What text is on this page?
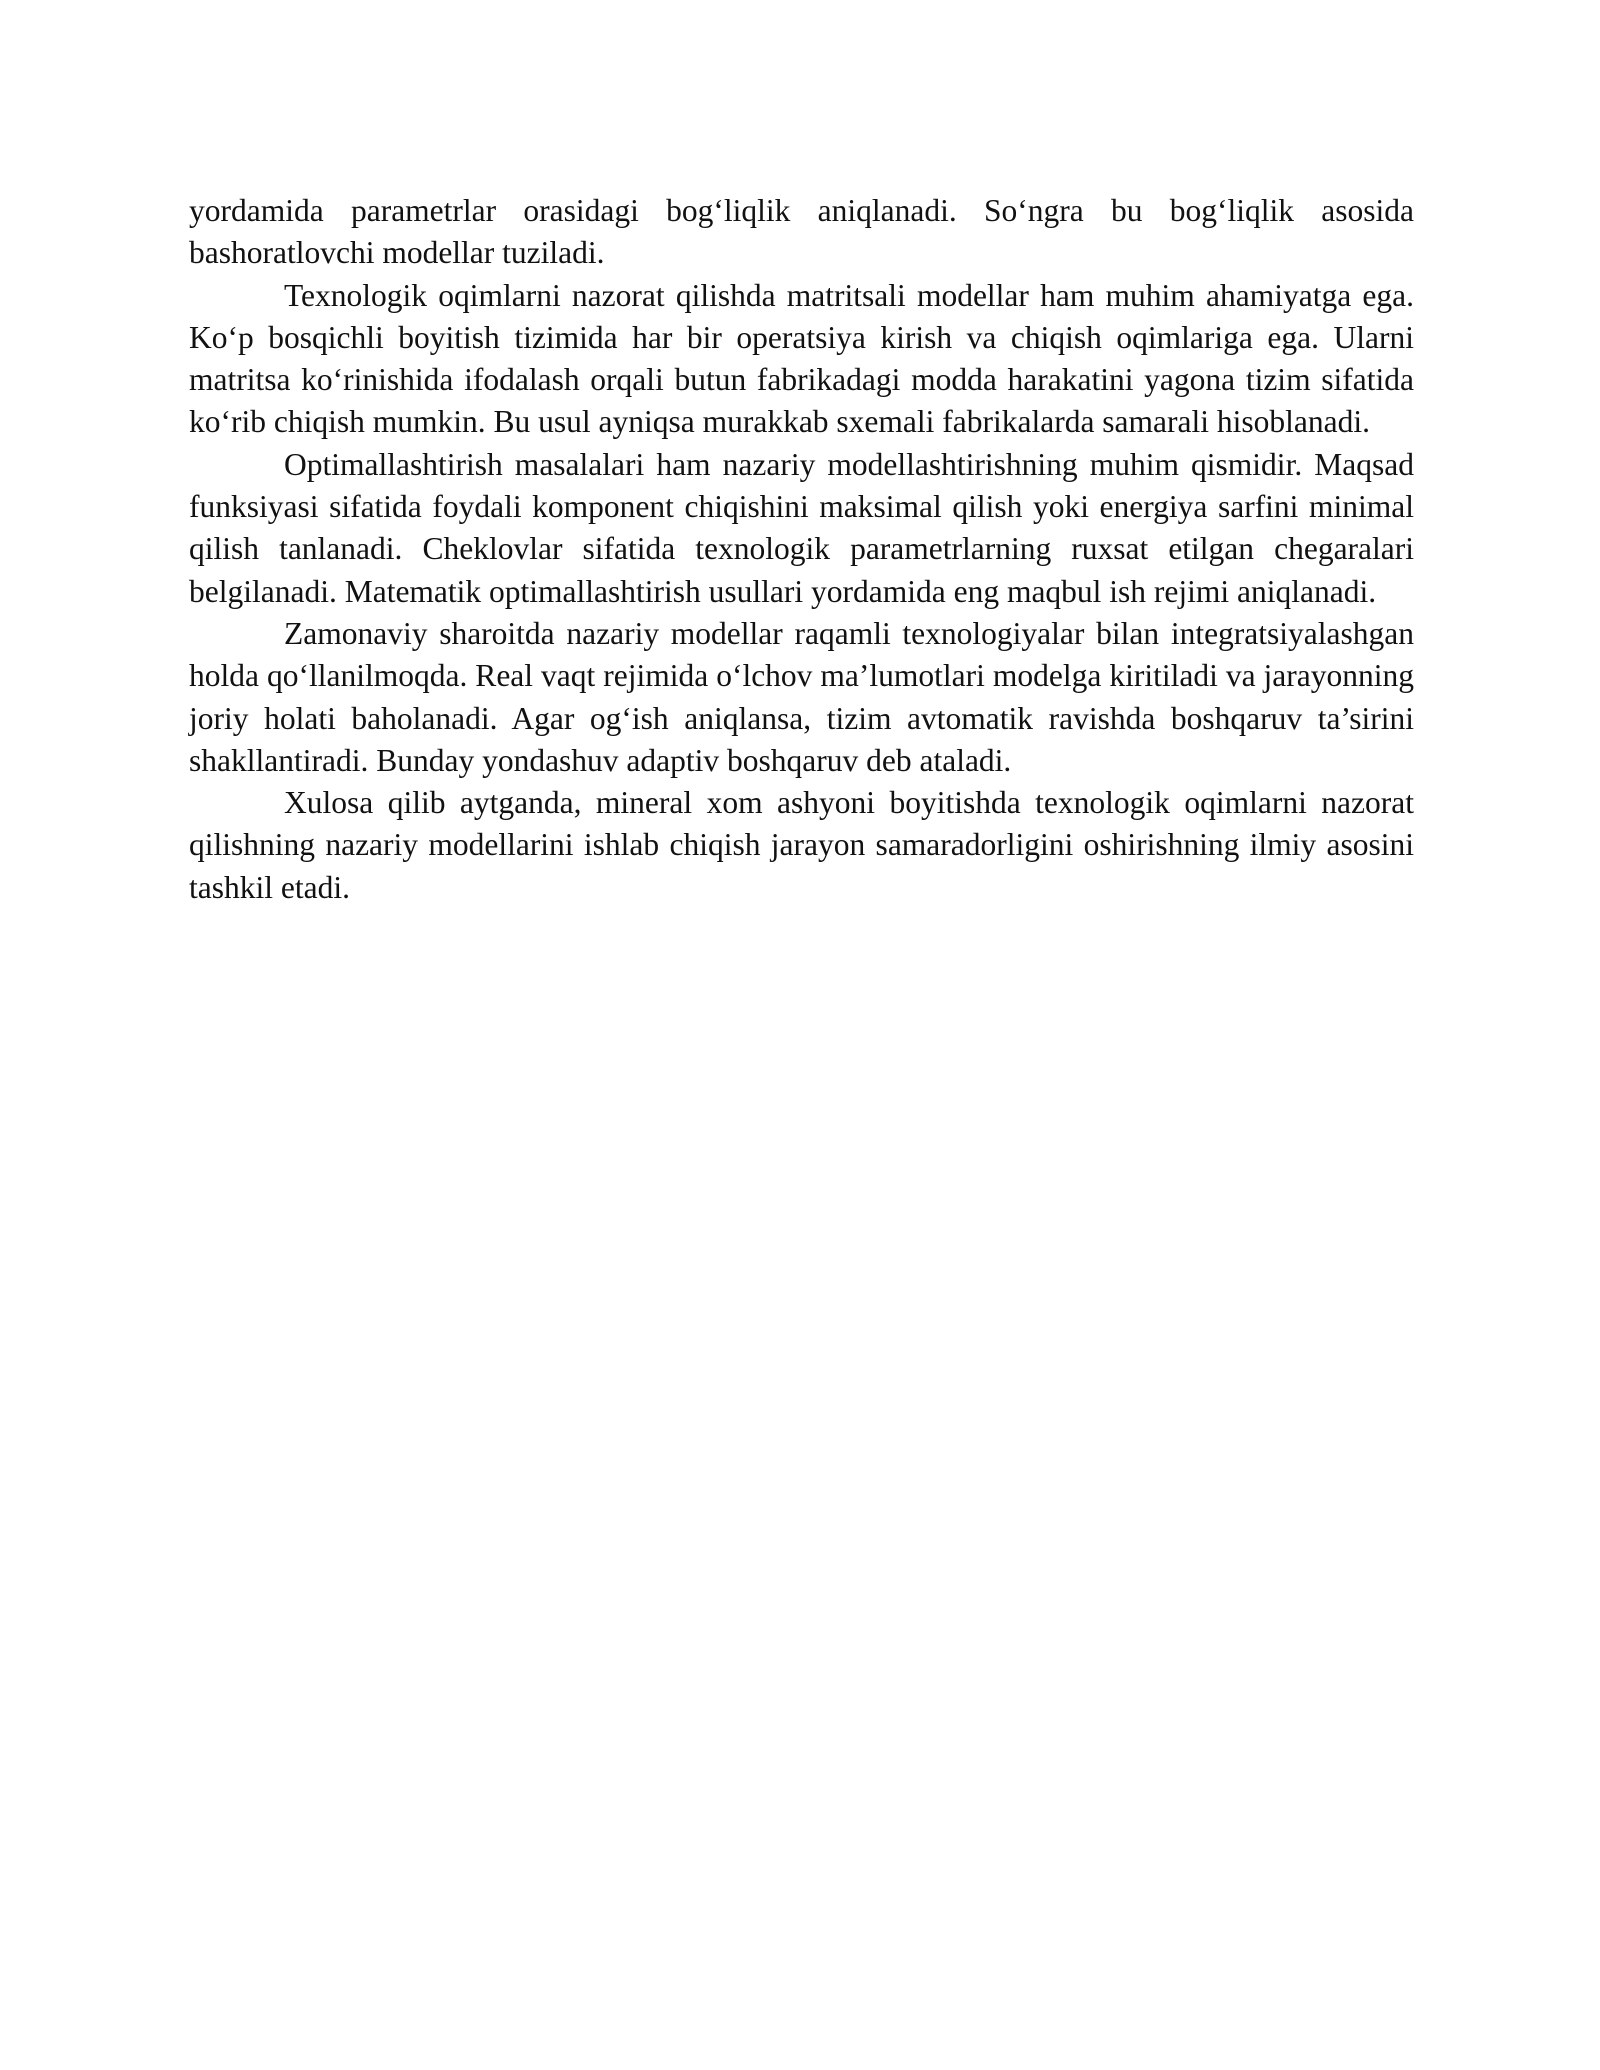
yordamida parametrlar orasidagi bog‘liqlik aniqlanadi. So‘ngra bu bog‘liqlik asosida bashoratlovchi modellar tuziladi.

Texnologik oqimlarni nazorat qilishda matritsali modellar ham muhim ahamiyatga ega. Ko‘p bosqichli boyitish tizimida har bir operatsiya kirish va chiqish oqimlariga ega. Ularni matritsa ko‘rinishida ifodalash orqali butun fabrikadagi modda harakatini yagona tizim sifatida ko‘rib chiqish mumkin. Bu usul ayniqsa murakkab sxemali fabrikalarda samarali hisoblanadi.

Optimallashtirish masalalari ham nazariy modellashtirishning muhim qismidir. Maqsad funksiyasi sifatida foydali komponent chiqishini maksimal qilish yoki energiya sarfini minimal qilish tanlanadi. Cheklovlar sifatida texnologik parametrlarning ruxsat etilgan chegaralari belgilanadi. Matematik optimallashtirish usullari yordamida eng maqbul ish rejimi aniqlanadi.

Zamonaviy sharoitda nazariy modellar raqamli texnologiyalar bilan integratsiyalashgan holda qo‘llanilmoqda. Real vaqt rejimida o‘lchov ma’lumotlari modelga kiritiladi va jarayonning joriy holati baholanadi. Agar og‘ish aniqlansa, tizim avtomatik ravishda boshqaruv ta’sirini shakllantiradi. Bunday yondashuv adaptiv boshqaruv deb ataladi.

Xulosa qilib aytganda, mineral xom ashyoni boyitishda texnologik oqimlarni nazorat qilishning nazariy modellarini ishlab chiqish jarayon samaradorligini oshirishning ilmiy asosini tashkil etadi.
